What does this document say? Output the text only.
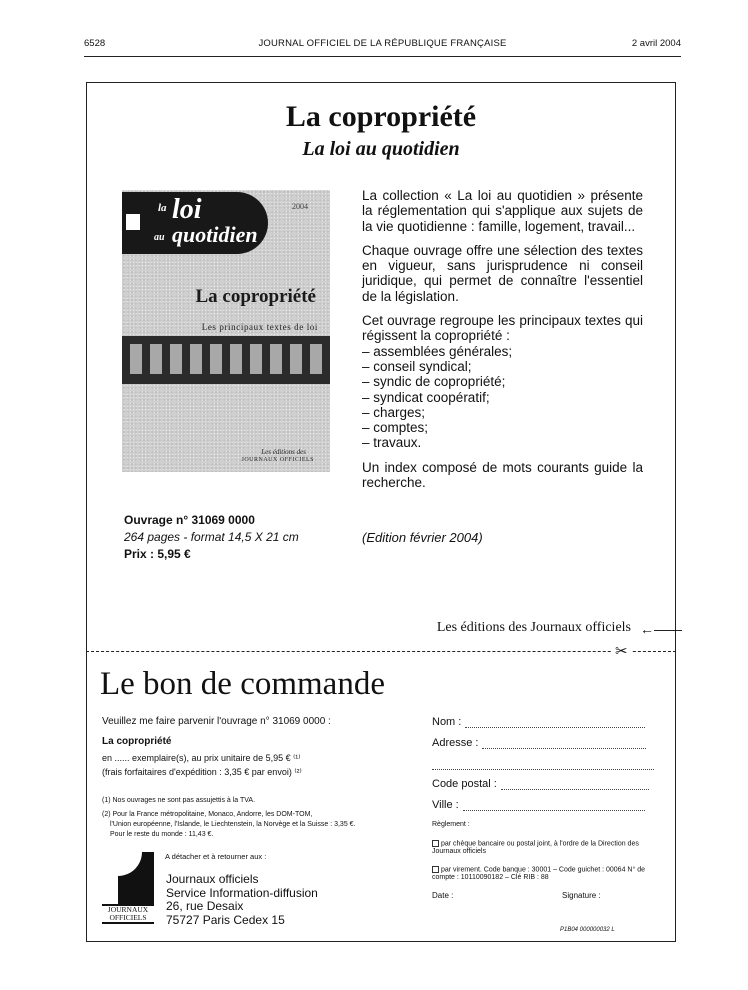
6528	JOURNAL OFFICIEL DE LA RÉPUBLIQUE FRANÇAISE	2 avril 2004
La copropriété
La loi au quotidien
la loi
au quotidien
2004
La copropriété
Les principaux textes de loi
Les éditions des
JOURNAUX OFFICIELS
Ouvrage n° 31069 0000
264 pages - format 14,5 X 21 cm
Prix : 5,95 €

La collection « La loi au quotidien » présente la réglementation qui s'applique aux sujets de la vie quotidienne : famille, logement, travail...

Chaque ouvrage offre une sélection des textes en vigueur, sans jurisprudence ni conseil juridique, qui permet de connaître l'essentiel de la législation.

Cet ouvrage regroupe les principaux textes qui régissent la copropriété :

– assemblées générales;
– conseil syndical;
– syndic de copropriété;
– syndicat coopératif;
– charges;
– comptes;
– travaux.

Un index composé de mots courants guide la recherche.

(Edition février 2004)
Les éditions des Journaux officiels ←——
✂
Le bon de commande
Veuillez me faire parvenir l'ouvrage n° 31069 0000 :
La copropriété
en ...... exemplaire(s), au prix unitaire de 5,95 € ⁽¹⁾
(frais forfaitaires d'expédition : 3,35 € par envoi) ⁽²⁾
(1) Nos ouvrages ne sont pas assujettis à la TVA.
(2) Pour la France métropolitaine, Monaco, Andorre, les DOM-TOM,
l'Union européenne, l'Islande, le Liechtenstein, la Norvège et la Suisse : 3,35 €.
Pour le reste du monde : 11,43 €.
A détacher et à retourner aux :
JOURNAUX
OFFICIELS
Journaux officiels
Service Information-diffusion
26, rue Desaix
75727 Paris Cedex 15
Nom :
Adresse :
Code postal :
Ville :
Règlement :
par chèque bancaire ou postal joint, à l'ordre de la Direction des Journaux officiels
par virement. Code banque : 30001 – Code guichet : 00064 N° de compte : 10110090182 – Clé RIB : 88
Date :	Signature :
P1B04 000000032 L
